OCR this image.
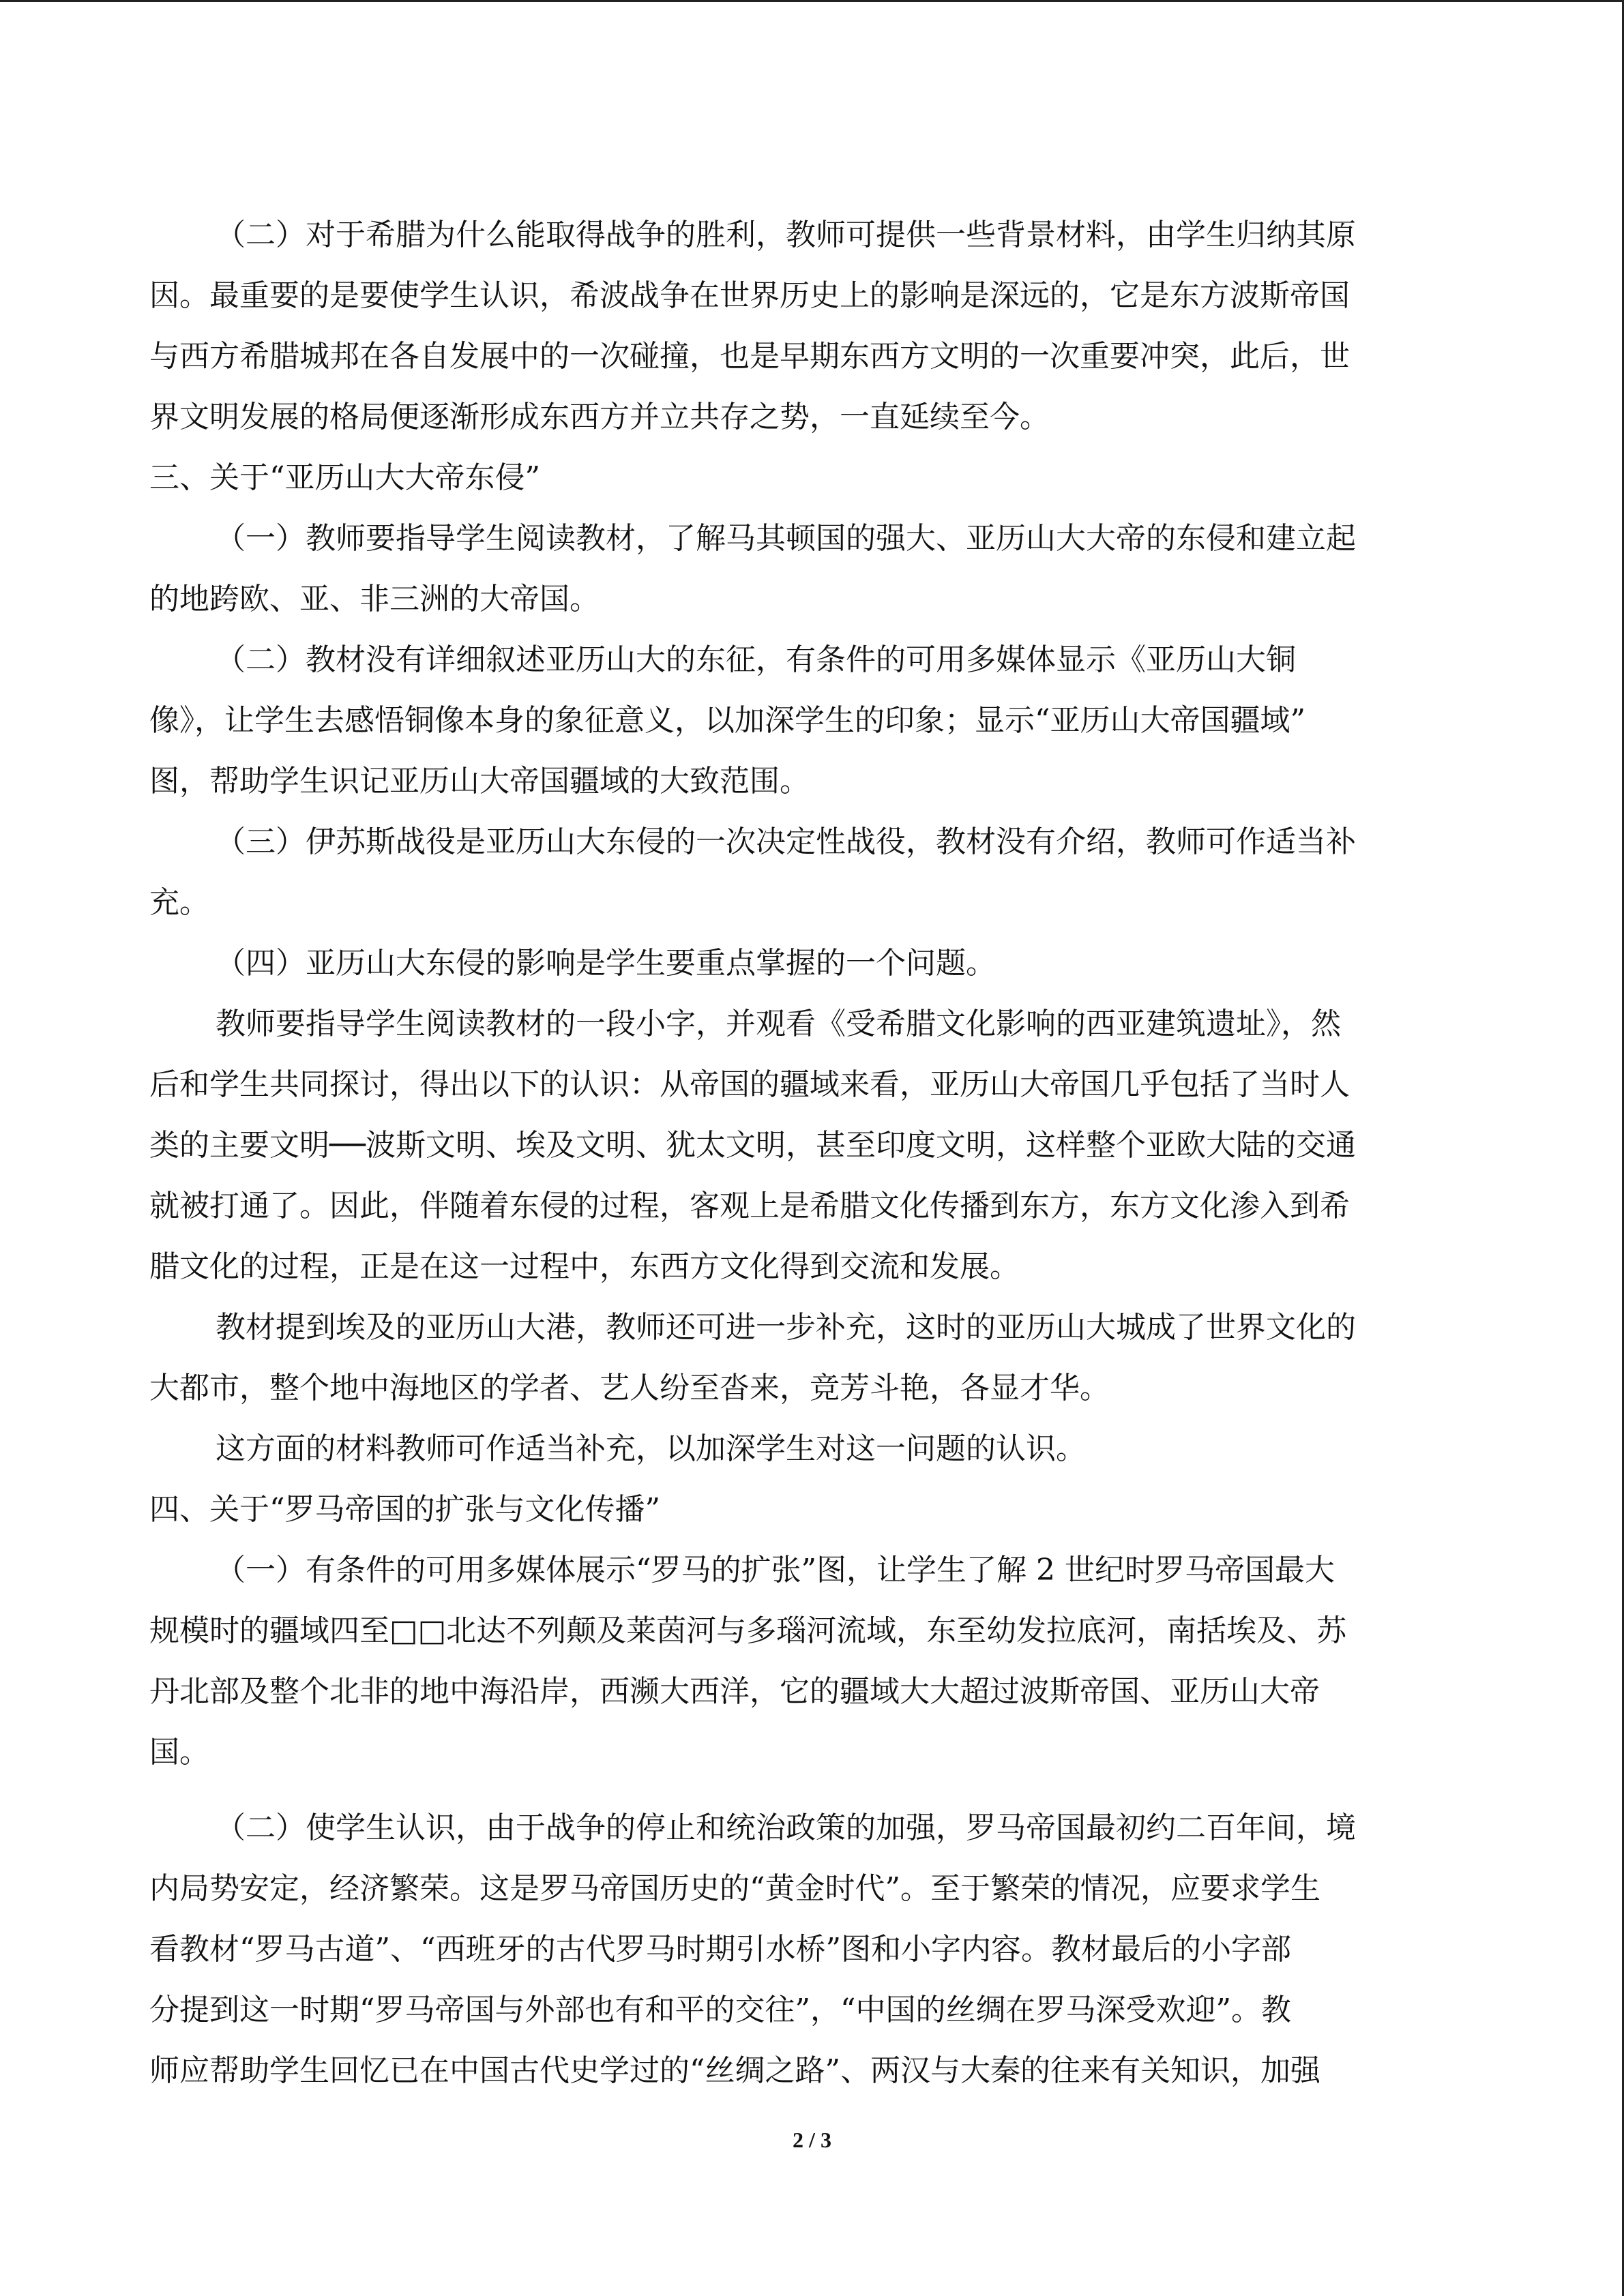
（二）对于希腊为什么能取得战争的胜利，教师可提供一些背景材料，由学生归纳其原
因。最重要的是要使学生认识，希波战争在世界历史上的影响是深远的，它是东方波斯帝国
与西方希腊城邦在各自发展中的一次碰撞，也是早期东西方文明的一次重要冲突，此后，世
界文明发展的格局便逐渐形成东西方并立共存之势，一直延续至今。
三、关于“亚历山大大帝东侵”
（一）教师要指导学生阅读教材，了解马其顿国的强大、亚历山大大帝的东侵和建立起
的地跨欧、亚、非三洲的大帝国。
（二）教材没有详细叙述亚历山大的东征，有条件的可用多媒体显示《亚历山大铜
像》，让学生去感悟铜像本身的象征意义，以加深学生的印象；显示“亚历山大帝国疆域”
图，帮助学生识记亚历山大帝国疆域的大致范围。
（三）伊苏斯战役是亚历山大东侵的一次决定性战役，教材没有介绍，教师可作适当补
充。
（四）亚历山大东侵的影响是学生要重点掌握的一个问题。
教师要指导学生阅读教材的一段小字，并观看《受希腊文化影响的西亚建筑遗址》，然
后和学生共同探讨，得出以下的认识：从帝国的疆域来看，亚历山大帝国几乎包括了当时人
类的主要文明──波斯文明、埃及文明、犹太文明，甚至印度文明，这样整个亚欧大陆的交通
就被打通了。因此，伴随着东侵的过程，客观上是希腊文化传播到东方，东方文化渗入到希
腊文化的过程，正是在这一过程中，东西方文化得到交流和发展。
教材提到埃及的亚历山大港，教师还可进一步补充，这时的亚历山大城成了世界文化的
大都市，整个地中海地区的学者、艺人纷至沓来，竞芳斗艳，各显才华。
这方面的材料教师可作适当补充，以加深学生对这一问题的认识。
四、关于“罗马帝国的扩张与文化传播”
（一）有条件的可用多媒体展示“罗马的扩张”图，让学生了解 2 世纪时罗马帝国最大
规模时的疆域四至□□北达不列颠及莱茵河与多瑙河流域，东至幼发拉底河，南括埃及、苏
丹北部及整个北非的地中海沿岸，西濒大西洋，它的疆域大大超过波斯帝国、亚历山大帝
国。
（二）使学生认识，由于战争的停止和统治政策的加强，罗马帝国最初约二百年间，境
内局势安定，经济繁荣。这是罗马帝国历史的“黄金时代”。至于繁荣的情况，应要求学生
看教材“罗马古道”、“西班牙的古代罗马时期引水桥”图和小字内容。教材最后的小字部
分提到这一时期“罗马帝国与外部也有和平的交往”，“中国的丝绸在罗马深受欢迎”。教
师应帮助学生回忆已在中国古代史学过的“丝绸之路”、两汉与大秦的往来有关知识，加强
2 / 3
